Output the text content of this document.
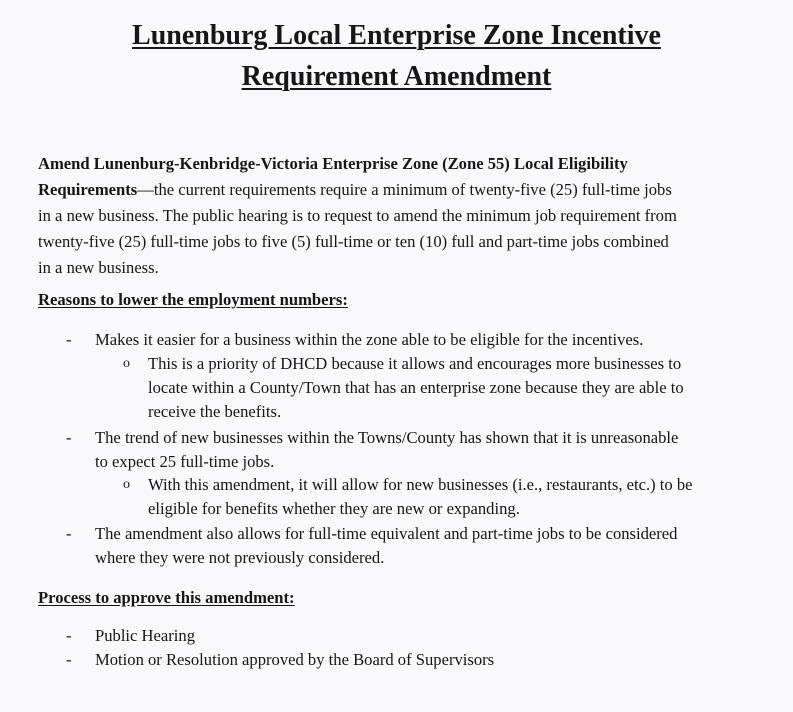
Lunenburg Local Enterprise Zone Incentive
Requirement Amendment
Amend Lunenburg-Kenbridge-Victoria Enterprise Zone (Zone 55) Local Eligibility
Requirements—the current requirements require a minimum of twenty-five (25) full-time jobs
in a new business. The public hearing is to request to amend the minimum job requirement from
twenty-five (25) full-time jobs to five (5) full-time or ten (10) full and part-time jobs combined
in a new business.
Reasons to lower the employment numbers:
- Makes it easier for a business within the zone able to be eligible for the incentives.
o This is a priority of DHCD because it allows and encourages more businesses to
locate within a County/Town that has an enterprise zone because they are able to
receive the benefits.
- The trend of new businesses within the Towns/County has shown that it is unreasonable
to expect 25 full-time jobs.
o With this amendment, it will allow for new businesses (i.e., restaurants, etc.) to be
eligible for benefits whether they are new or expanding.
- The amendment also allows for full-time equivalent and part-time jobs to be considered
where they were not previously considered.
Process to approve this amendment:
- Public Hearing
- Motion or Resolution approved by the Board of Supervisors
